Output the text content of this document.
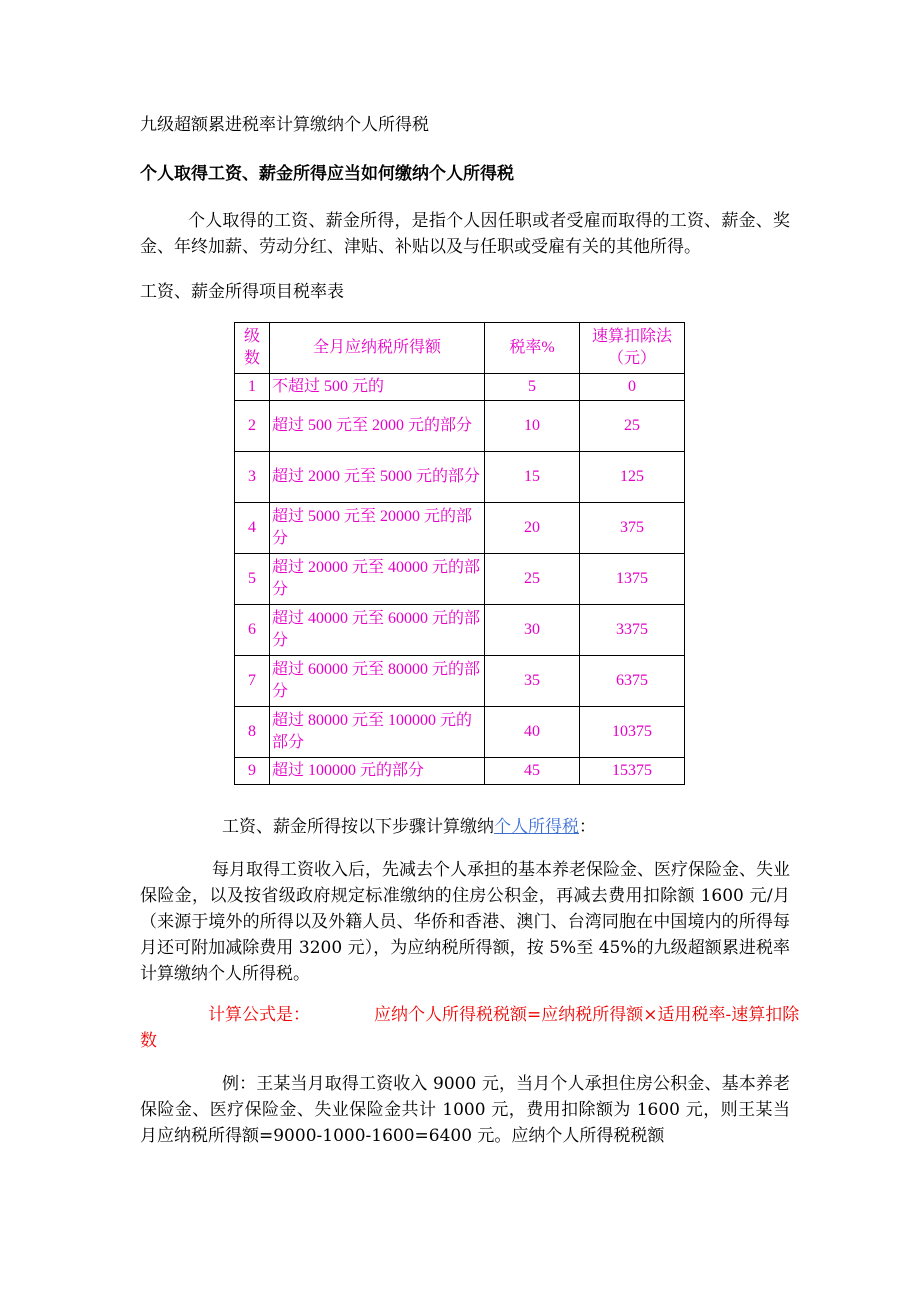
九级超额累进税率计算缴纳个人所得税
个人取得工资、薪金所得应当如何缴纳个人所得税
个人取得的工资、薪金所得，是指个人因任职或者受雇而取得的工资、薪金、奖金、年终加薪、劳动分红、津贴、补贴以及与任职或受雇有关的其他所得。
工资、薪金所得项目税率表
级数	全月应纳税所得额	税率%	速算扣除法（元）
1	不超过 500 元的	5	0
2	超过 500 元至 2000 元的部分	10	25
3	超过 2000 元至 5000 元的部分	15	125
4	超过 5000 元至 20000 元的部分	20	375
5	超过 20000 元至 40000 元的部分	25	1375
6	超过 40000 元至 60000 元的部分	30	3375
7	超过 60000 元至 80000 元的部分	35	6375
8	超过 80000 元至 100000 元的部分	40	10375
9	超过 100000 元的部分	45	15375
工资、薪金所得按以下步骤计算缴纳个人所得税：
每月取得工资收入后，先减去个人承担的基本养老保险金、医疗保险金、失业保险金，以及按省级政府规定标准缴纳的住房公积金，再减去费用扣除额 1600 元/月（来源于境外的所得以及外籍人员、华侨和香港、澳门、台湾同胞在中国境内的所得每月还可附加减除费用 3200 元），为应纳税所得额，按 5%至 45%的九级超额累进税率计算缴纳个人所得税。
计算公式是：	应纳个人所得税税额=应纳税所得额×适用税率-速算扣除数
例：王某当月取得工资收入 9000 元，当月个人承担住房公积金、基本养老保险金、医疗保险金、失业保险金共计 1000 元，费用扣除额为 1600 元，则王某当月应纳税所得额=9000-1000-1600=6400 元。应纳个人所得税税额
